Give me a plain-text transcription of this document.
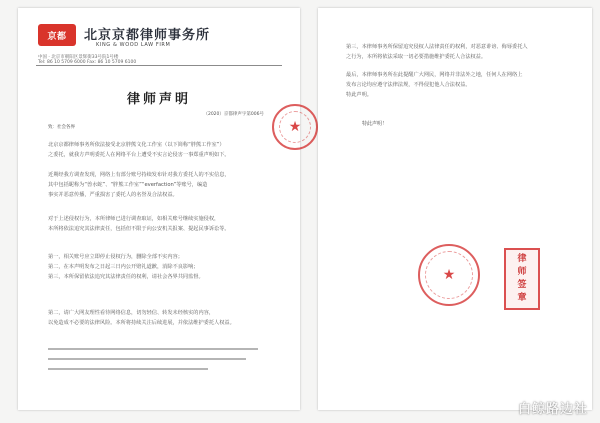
京都 北京京都律师事务所
KING & WOOD LAW FIRM
中国 · 北京市朝阳区景辉街33号院1号楼
Tel: 86 10 5709 6000 Fax: 86 10 5709 6100
律师声明
（2020）京都律声字第006号
致：社会各界
北京京都律师事务所依法接受北京胖熊文化工作室（以下简称“胖熊工作室”）
之委托，就我方声明委托人在网络平台上遭受不实言论侵害一事郑重声明如下。
近期经我方调查发现，网络上有部分账号持续发布针对我方委托人的不实信息，
其中包括昵称为“兽水蛇”、“胖熊工作室”“everfaction”等账号，编造
事实并恶意传播，严重损害了委托人的名誉及合法权益。
对于上述侵权行为，本所律师已进行调查取证，如相关账号继续实施侵权，
本所将依法追究其法律责任，包括但不限于向公安机关报案、提起民事诉讼等。
第一，相关账号应立即停止侵权行为，删除全部不实内容；
第二，在本声明发布之日起三日内公开赔礼道歉，消除不良影响；
第三，本所保留依法追究其法律责任的权利，请社会各界共同监督。
第二，请广大网友理性看待网络信息，切勿轻信、转发未经核实的内容，
以免造成不必要的法律风险。本所将持续关注后续进展，并依法维护委托人权益。
★
第三，本律师事务所保留追究侵权人法律责任的权利，对恶意诽谤、侮辱委托人
之行为，本所将依法采取一切必要措施维护委托人合法权益。
最后，本律师事务所在此提醒广大网民，网络并非法外之地，任何人在网络上
发布言论均应遵守法律法规，不得侵犯他人合法权益。
特此声明。
特此声明！
★
律
师
签
章
白鲸路边社
